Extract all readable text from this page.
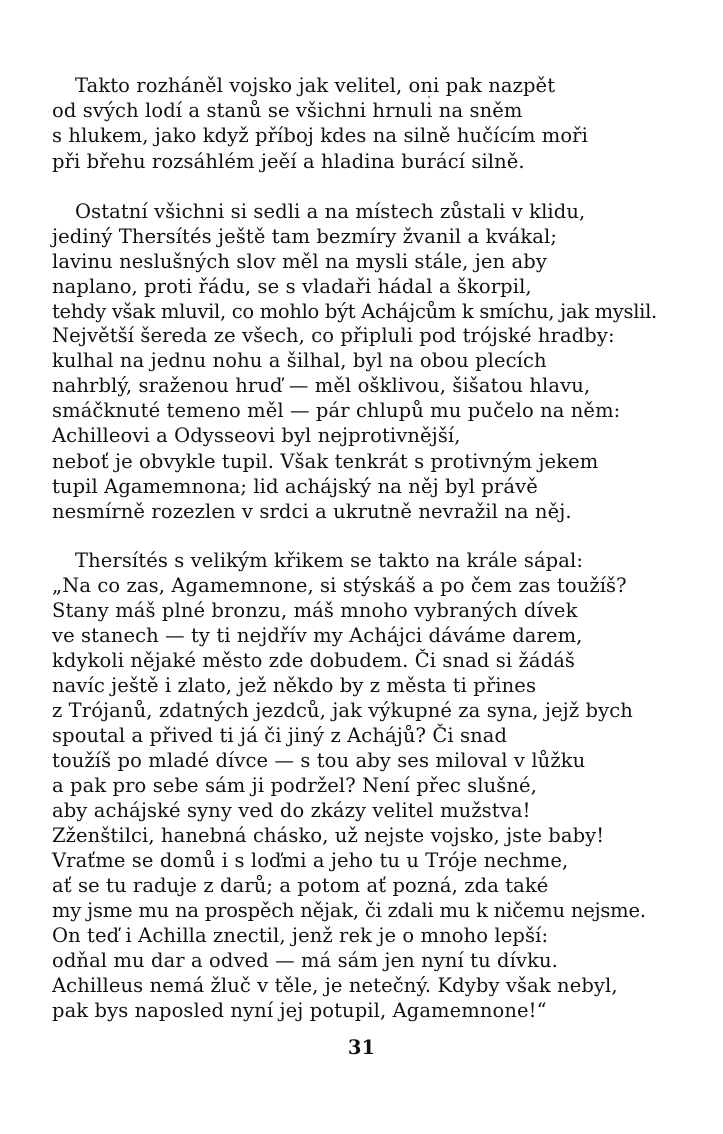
Takto rozháněl vojsko jak velitel, oni pak nazpět
od svých lodí a stanů se všichni hrnuli na sněm
s hlukem, jako když příboj kdes na silně hučícím moři
při břehu rozsáhlém jeěí a hladina burácí silně.
Ostatní všichni si sedli a na místech zůstali v klidu,
jediný Thersítés ještě tam bezmíry žvanil a kvákal;
lavinu neslušných slov měl na mysli stále, jen aby
naplano, proti řádu, se s vladaři hádal a škorpil,
tehdy však mluvil, co mohlo být Achájcům k smíchu, jak myslil.
Největší šereda ze všech, co připluli pod trójské hradby:
kulhal na jednu nohu a šilhal, byl na obou plecích
nahrblý, sraženou hruď — měl ošklivou, šišatou hlavu,
smáčknuté temeno měl — pár chlupů mu pučelo na něm:
Achilleovi a Odysseovi byl nejprotivnější,
neboť je obvykle tupil. Však tenkrát s protivným jekem
tupil Agamemnona; lid achájský na něj byl právě
nesmírně rozezlen v srdci a ukrutně nevražil na něj.
Thersítés s velikým křikem se takto na krále sápal:
„Na co zas, Agamemnone, si stýskáš a po čem zas toužíš?
Stany máš plné bronzu, máš mnoho vybraných dívek
ve stanech — ty ti nejdřív my Achájci dáváme darem,
kdykoli nějaké město zde dobudem. Či snad si žádáš
navíc ještě i zlato, jež někdo by z města ti přines
z Trójanů, zdatných jezdců, jak výkupné za syna, jejž bych
spoutal a přived ti já či jiný z Achájů? Či snad
toužíš po mladé dívce — s tou aby ses miloval v lůžku
a pak pro sebe sám ji podržel? Není přec slušné,
aby achájské syny ved do zkázy velitel mužstva!
Zženštilci, hanebná chásko, už nejste vojsko, jste baby!
Vraťme se domů i s loďmi a jeho tu u Tróje nechme,
ať se tu raduje z darů; a potom ať pozná, zda také
my jsme mu na prospěch nějak, či zdali mu k ničemu nejsme.
On teď i Achilla znectil, jenž rek je o mnoho lepší:
odňal mu dar a odved — má sám jen nyní tu dívku.
Achilleus nemá žluč v těle, je netečný. Kdyby však nebyl,
pak bys naposled nyní jej potupil, Agamemnone!“
31
